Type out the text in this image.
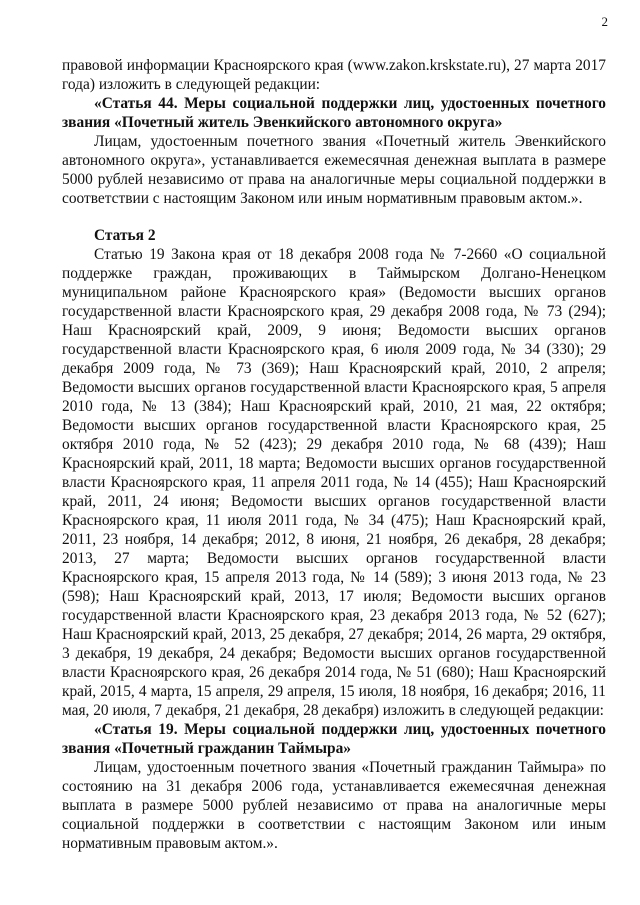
2

правовой информации Красноярского края (www.zakon.krskstate.ru), 27 марта 2017 года) изложить в следующей редакции:

«Статья 44. Меры социальной поддержки лиц, удостоенных почетного звания «Почетный житель Эвенкийского автономного округа»

Лицам, удостоенным почетного звания «Почетный житель Эвенкийского автономного округа», устанавливается ежемесячная денежная выплата в размере 5000 рублей независимо от права на аналогичные меры социальной поддержки в соответствии с настоящим Законом или иным нормативным правовым актом.».

Статья 2

Статью 19 Закона края от 18 декабря 2008 года № 7-2660 «О социальной поддержке граждан, проживающих в Таймырском Долгано-Ненецком муниципальном районе Красноярского края» (Ведомости высших органов государственной власти Красноярского края, 29 декабря 2008 года, № 73 (294); Наш Красноярский край, 2009, 9 июня; Ведомости высших органов государственной власти Красноярского края, 6 июля 2009 года, № 34 (330); 29 декабря 2009 года, № 73 (369); Наш Красноярский край, 2010, 2 апреля; Ведомости высших органов государственной власти Красноярского края, 5 апреля 2010 года, № 13 (384); Наш Красноярский край, 2010, 21 мая, 22 октября; Ведомости высших органов государственной власти Красноярского края, 25 октября 2010 года, № 52 (423); 29 декабря 2010 года, № 68 (439); Наш Красноярский край, 2011, 18 марта; Ведомости высших органов государственной власти Красноярского края, 11 апреля 2011 года, № 14 (455); Наш Красноярский край, 2011, 24 июня; Ведомости высших органов государственной власти Красноярского края, 11 июля 2011 года, № 34 (475); Наш Красноярский край, 2011, 23 ноября, 14 декабря; 2012, 8 июня, 21 ноября, 26 декабря, 28 декабря; 2013, 27 марта; Ведомости высших органов государственной власти Красноярского края, 15 апреля 2013 года, № 14 (589); 3 июня 2013 года, № 23 (598); Наш Красноярский край, 2013, 17 июля; Ведомости высших органов государственной власти Красноярского края, 23 декабря 2013 года, № 52 (627); Наш Красноярский край, 2013, 25 декабря, 27 декабря; 2014, 26 марта, 29 октября, 3 декабря, 19 декабря, 24 декабря; Ведомости высших органов государственной власти Красноярского края, 26 декабря 2014 года, № 51 (680); Наш Красноярский край, 2015, 4 марта, 15 апреля, 29 апреля, 15 июля, 18 ноября, 16 декабря; 2016, 11 мая, 20 июля, 7 декабря, 21 декабря, 28 декабря) изложить в следующей редакции:

«Статья 19. Меры социальной поддержки лиц, удостоенных почетного звания «Почетный гражданин Таймыра»

Лицам, удостоенным почетного звания «Почетный гражданин Таймыра» по состоянию на 31 декабря 2006 года, устанавливается ежемесячная денежная выплата в размере 5000 рублей независимо от права на аналогичные меры социальной поддержки в соответствии с настоящим Законом или иным нормативным правовым актом.».
